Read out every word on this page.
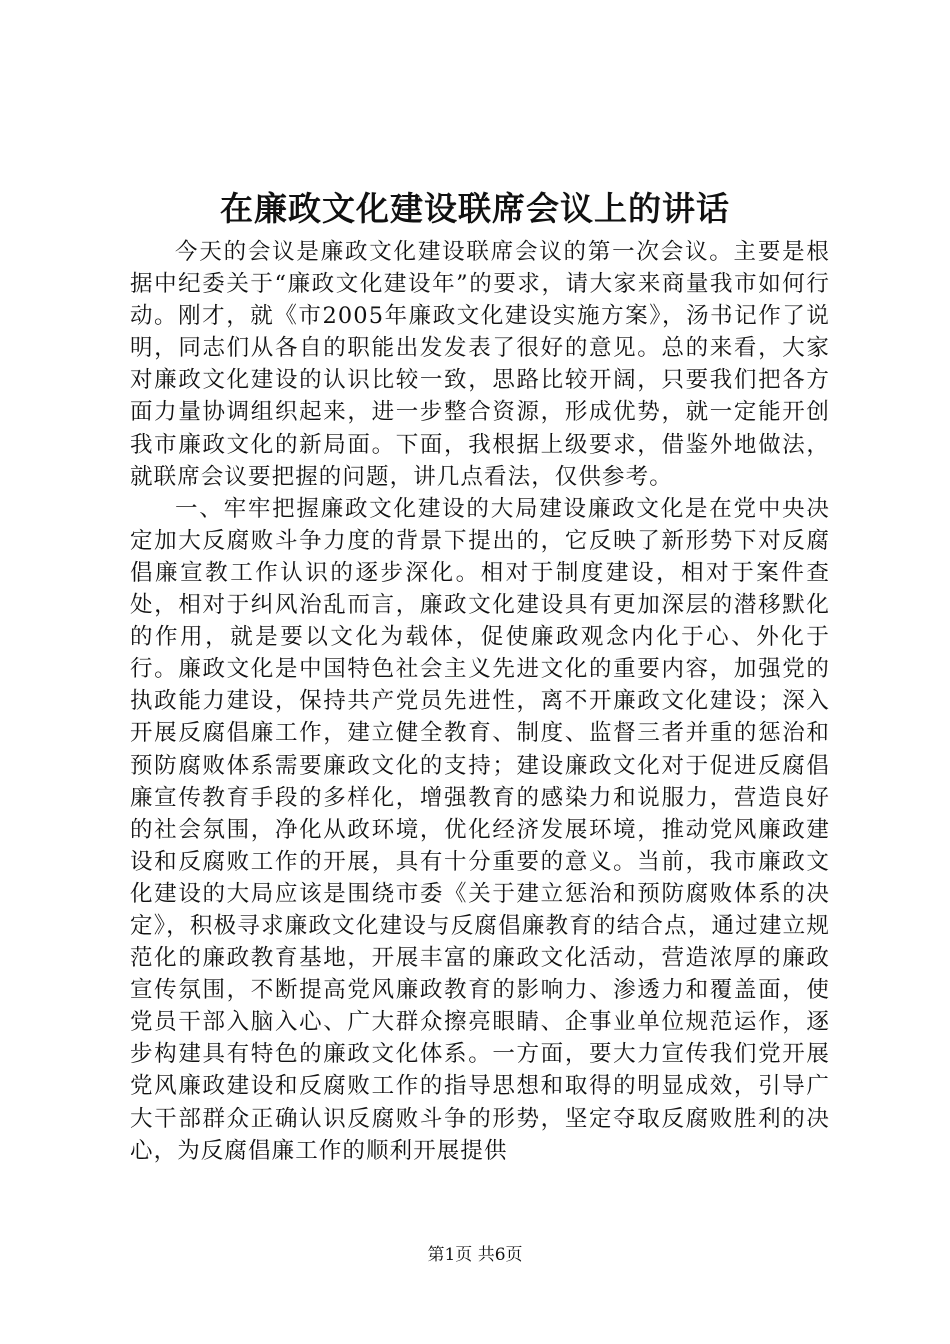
在廉政文化建设联席会议上的讲话

今天的会议是廉政文化建设联席会议的第一次会议。主要是根据中纪委关于“廉政文化建设年”的要求，请大家来商量我市如何行动。刚才，就《市2005年廉政文化建设实施方案》，汤书记作了说明，同志们从各自的职能出发发表了很好的意见。总的来看，大家对廉政文化建设的认识比较一致，思路比较开阔，只要我们把各方面力量协调组织起来，进一步整合资源，形成优势，就一定能开创我市廉政文化的新局面。下面，我根据上级要求，借鉴外地做法，就联席会议要把握的问题，讲几点看法，仅供参考。

一、牢牢把握廉政文化建设的大局建设廉政文化是在党中央决定加大反腐败斗争力度的背景下提出的，它反映了新形势下对反腐倡廉宣教工作认识的逐步深化。相对于制度建设，相对于案件查处，相对于纠风治乱而言，廉政文化建设具有更加深层的潜移默化的作用，就是要以文化为载体，促使廉政观念内化于心、外化于行。廉政文化是中国特色社会主义先进文化的重要内容，加强党的执政能力建设，保持共产党员先进性，离不开廉政文化建设；深入开展反腐倡廉工作，建立健全教育、制度、监督三者并重的惩治和预防腐败体系需要廉政文化的支持；建设廉政文化对于促进反腐倡廉宣传教育手段的多样化，增强教育的感染力和说服力，营造良好的社会氛围，净化从政环境，优化经济发展环境，推动党风廉政建设和反腐败工作的开展，具有十分重要的意义。当前，我市廉政文化建设的大局应该是围绕市委《关于建立惩治和预防腐败体系的决定》，积极寻求廉政文化建设与反腐倡廉教育的结合点，通过建立规范化的廉政教育基地，开展丰富的廉政文化活动，营造浓厚的廉政宣传氛围，不断提高党风廉政教育的影响力、渗透力和覆盖面，使党员干部入脑入心、广大群众擦亮眼睛、企事业单位规范运作，逐步构建具有特色的廉政文化体系。一方面，要大力宣传我们党开展党风廉政建设和反腐败工作的指导思想和取得的明显成效，引导广大干部群众正确认识反腐败斗争的形势，坚定夺取反腐败胜利的决心，为反腐倡廉工作的顺利开展提供

第1页 共6页
